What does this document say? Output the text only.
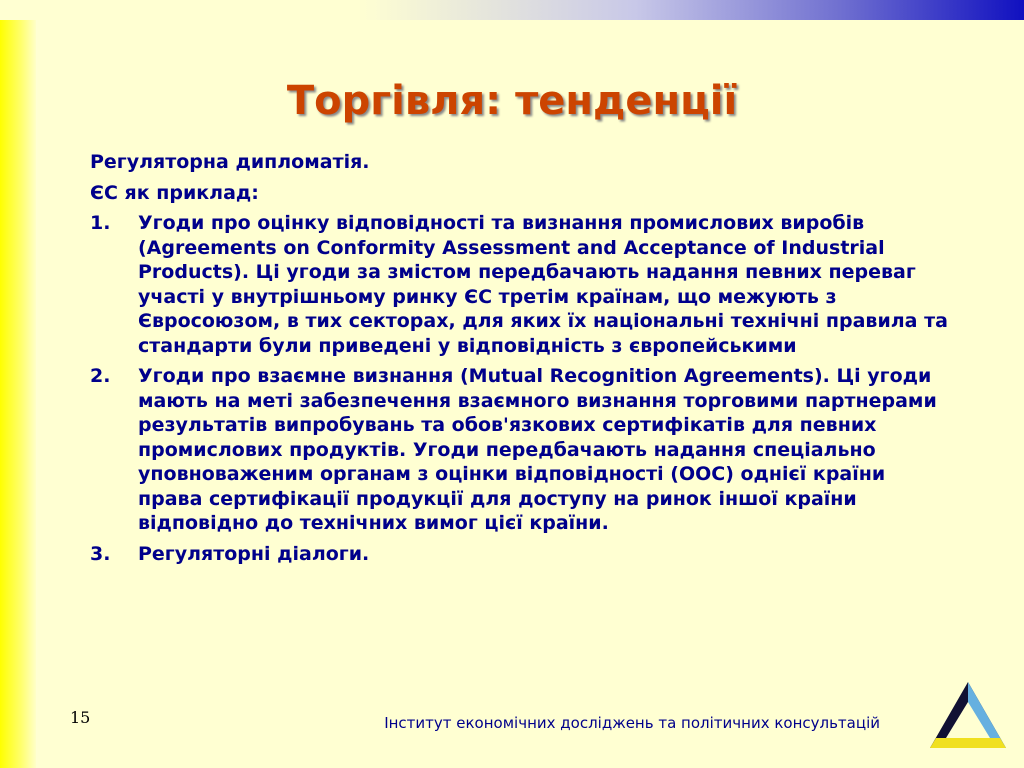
Торгівля: тенденції

Регуляторна дипломатія.

ЄС як приклад:

1. Угоди про оцінку відповідності та визнання промислових виробів (Agreements on Conformity Assessment and Acceptance of Industrial Products). Ці угоди за змістом передбачають надання певних переваг участі у внутрішньому ринку ЄС третім країнам, що межують з Євросоюзом, в тих секторах, для яких їх національні технічні правила та стандарти були приведені у відповідність з європейськими
2. Угоди про взаємне визнання (Mutual Recognition Agreements). Ці угоди мають на меті забезпечення взаємного визнання торговими партнерами результатів випробувань та обов'язкових сертифікатів для певних промислових продуктів. Угоди передбачають надання спеціально уповноваженим органам з оцінки відповідності (ООС) однієї країни права сертифікації продукції для доступу на ринок іншої країни відповідно до технічних вимог цієї країни.
3. Регуляторні діалоги.
15	Інститут економічних досліджень та політичних консультацій
